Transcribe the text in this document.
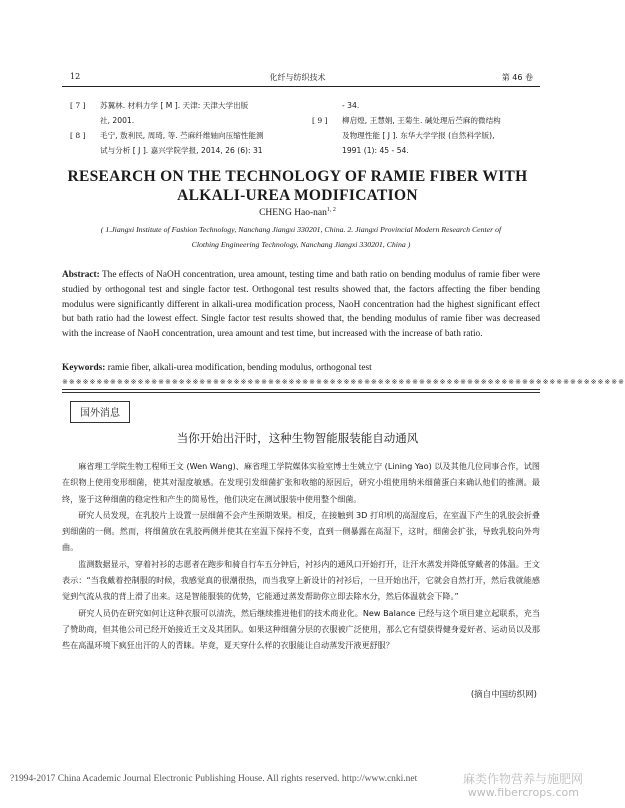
12	化纤与纺织技术	第 46 卷
[ 7 ] 苏翼林. 材料力学 [ M ]. 天津: 天津大学出版
社, 2001.
[ 8 ] 毛宁, 敖利民, 周琦, 等. 苎麻纤维轴向压缩性能测
试与分析 [ J ]. 嘉兴学院学报, 2014, 26 (6): 31
[ 9 ]
- 34.
柳启煌, 王慧娟, 王菊生. 碱处理后苎麻的微结构
及物理性能 [ J ]. 东华大学学报 (自然科学版),
1991 (1): 45 - 54.
RESEARCH ON THE TECHNOLOGY OF RAMIE FIBER WITH
ALKALI-UREA MODIFICATION
CHENG Hao-nan$^{1, 2}$
( 1.Jiangxi Institute of Fashion Technology, Nanchang Jiangxi 330201, China. 2. Jiangxi Provincial Modern Research Center of
Clothing Engineering Technology, Nanchang Jiangxi 330201, China )
Abstract: The effects of NaOH concentration, urea amount, testing time and bath ratio on bending modulus of ramie fiber were studied by orthogonal test and single factor test. Orthogonal test results showed that, the factors affecting the fiber bending modulus were significantly different in alkali-urea modification process, NaoH concentration had the highest significant effect but bath ratio had the lowest effect. Single factor test results showed that, the bending modulus of ramie fiber was decreased with the increase of NaoH concentration, urea amount and test time, but increased with the increase of bath ratio.
Keywords: ramie fiber, alkali-urea modification, bending modulus, orthogonal test
※※※※※※※※※※※※※※※※※※※※※※※※※※※※※※※※※※※※※※※※※※※※※※※※※※※※※※※※※※※※※※※※※※※※※※※※※※※※※※※※※※
国外消息
当你开始出汗时，这种生物智能服装能自动通风

麻省理工学院生物工程师王文 (Wen Wang)、麻省理工学院媒体实验室博士生姚立宁 (Lining Yao) 以及其他几位同事合作，试图在织物上使用变形细菌，使其对湿度敏感。在发现引发细菌扩张和收缩的原因后，研究小组使用纳米细菌蛋白来确认他们的推测。最终，鉴于这种细菌的稳定性和产生的简易性，他们决定在测试服装中使用整个细菌。

研究人员发现，在乳胶片上设置一层细菌不会产生预期效果。相反，在接触到 3D 打印机的高湿度后，在室温下产生的乳胶会折叠到细菌的一侧。然而，将细菌放在乳胶两侧并使其在室温下保持不变，直到一侧暴露在高湿下，这时，细菌会扩张，导致乳胶向外弯曲。

监测数据显示，穿着衬衫的志愿者在跑步和骑自行车五分钟后，衬衫内的通风口开始打开，让汗水蒸发并降低穿戴者的体温。王文表示：“当我戴着控制服的时候，我感觉真的很潮很热，而当我穿上新设计的衬衫后，一旦开始出汗，它就会自然打开，然后我就能感觉到气流从我的背上滑了出来。这是智能服装的优势，它能通过蒸发帮助你立即去除水分，然后体温就会下降。”

研究人员仍在研究如何让这种衣服可以清洗，然后继续推进他们的技术商业化。New Balance 已经与这个项目建立起联系，充当了赞助商，但其他公司已经开始接近王文及其团队。如果这种细菌分层的衣服被广泛使用，那么它有望获得健身爱好者、运动员以及那些在高温环境下疯狂出汗的人的青睐。毕竟，夏天穿什么样的衣服能让自动蒸发汗液更舒服？

(摘自中国纺织网)
?1994-2017 China Academic Journal Electronic Publishing House. All rights reserved. http://www.cnki.net	麻类作物营养与施肥网
www.fibercrops.com
